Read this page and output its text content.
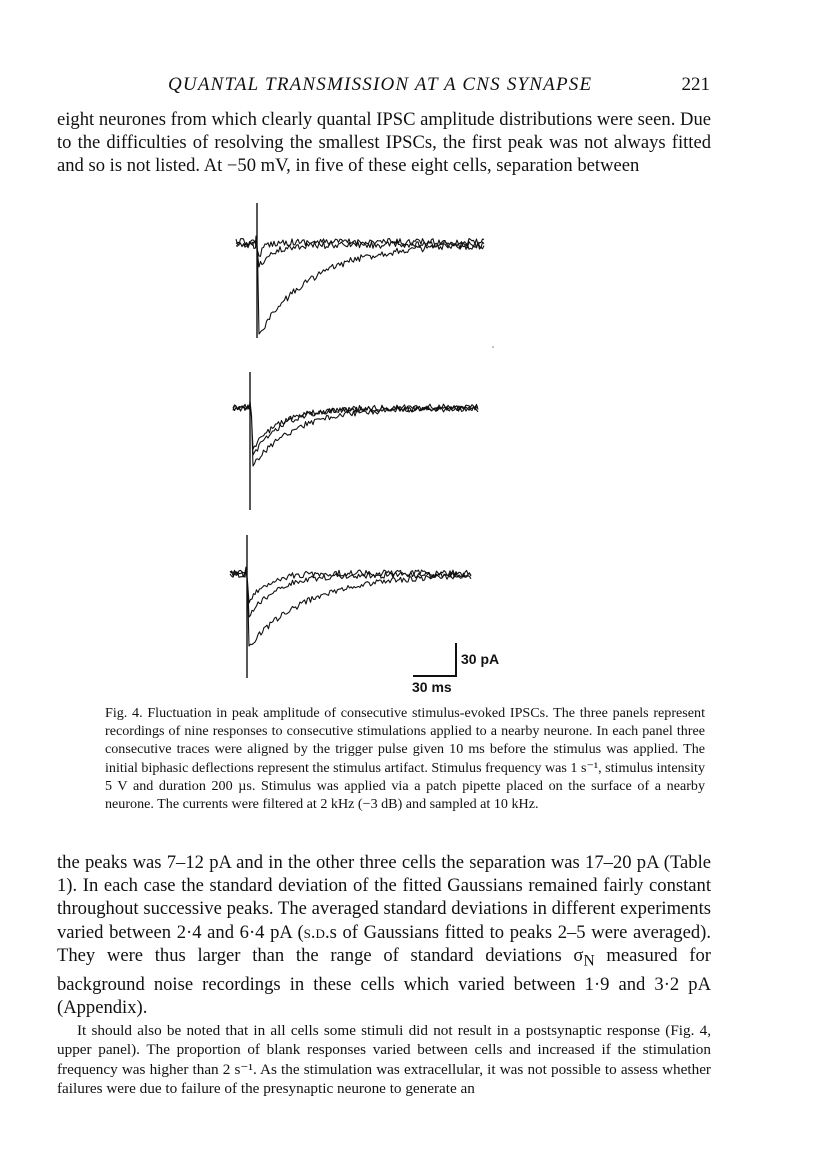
QUANTAL TRANSMISSION AT A CNS SYNAPSE	221

eight neurones from which clearly quantal IPSC amplitude distributions were seen. Due to the difficulties of resolving the smallest IPSCs, the first peak was not always fitted and so is not listed. At −50 mV, in five of these eight cells, separation between

30 pA
30 ms

Fig. 4. Fluctuation in peak amplitude of consecutive stimulus-evoked IPSCs. The three panels represent recordings of nine responses to consecutive stimulations applied to a nearby neurone. In each panel three consecutive traces were aligned by the trigger pulse given 10 ms before the stimulus was applied. The initial biphasic deflections represent the stimulus artifact. Stimulus frequency was 1 s⁻¹, stimulus intensity 5 V and duration 200 µs. Stimulus was applied via a patch pipette placed on the surface of a nearby neurone. The currents were filtered at 2 kHz (−3 dB) and sampled at 10 kHz.

the peaks was 7–12 pA and in the other three cells the separation was 17–20 pA (Table 1). In each case the standard deviation of the fitted Gaussians remained fairly constant throughout successive peaks. The averaged standard deviations in different experiments varied between 2·4 and 6·4 pA (s.d.s of Gaussians fitted to peaks 2–5 were averaged). They were thus larger than the range of standard deviations $\sigma_N$ measured for background noise recordings in these cells which varied between 1·9 and 3·2 pA (Appendix).

It should also be noted that in all cells some stimuli did not result in a postsynaptic response (Fig. 4, upper panel). The proportion of blank responses varied between cells and increased if the stimulation frequency was higher than 2 s⁻¹. As the stimulation was extracellular, it was not possible to assess whether failures were due to failure of the presynaptic neurone to generate an
